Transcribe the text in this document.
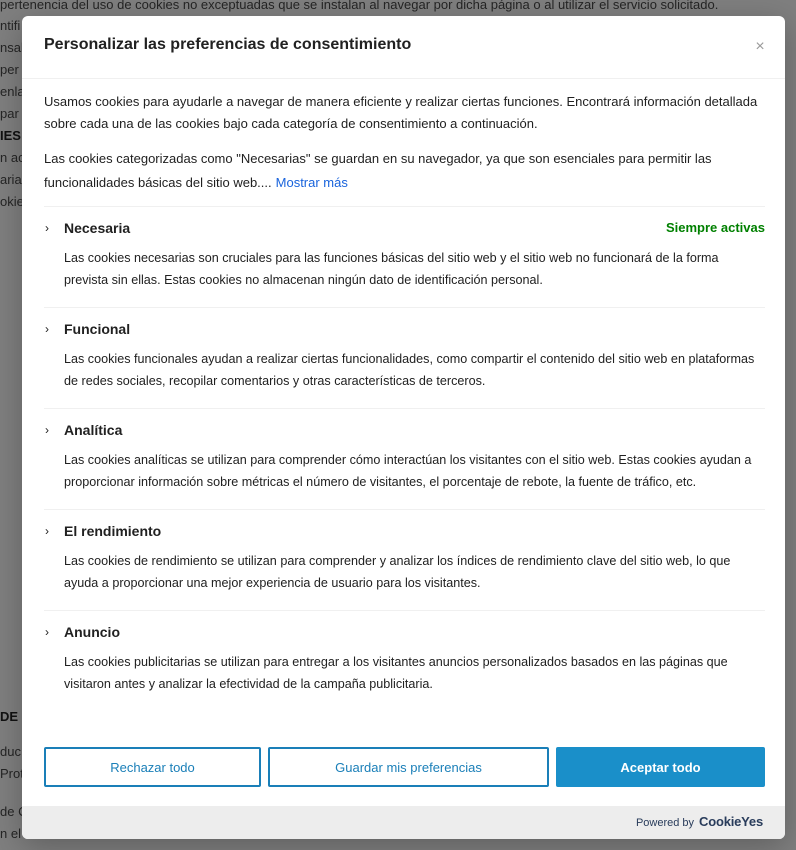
Personalizar las preferencias de consentimiento	×

Usamos cookies para ayudarle a navegar de manera eficiente y realizar ciertas funciones. Encontrará información detallada sobre cada una de las cookies bajo cada categoría de consentimiento a continuación.

Las cookies categorizadas como "Necesarias" se guardan en su navegador, ya que son esenciales para permitir las funcionalidades básicas del sitio web.... Mostrar más

›	Necesaria	Siempre activas

Las cookies necesarias son cruciales para las funciones básicas del sitio web y el sitio web no funcionará de la forma prevista sin ellas. Estas cookies no almacenan ningún dato de identificación personal.

›	Funcional

Las cookies funcionales ayudan a realizar ciertas funcionalidades, como compartir el contenido del sitio web en plataformas de redes sociales, recopilar comentarios y otras características de terceros.

›	Analítica

Las cookies analíticas se utilizan para comprender cómo interactúan los visitantes con el sitio web. Estas cookies ayudan a proporcionar información sobre métricas el número de visitantes, el porcentaje de rebote, la fuente de tráfico, etc.

›	El rendimiento

Las cookies de rendimiento se utilizan para comprender y analizar los índices de rendimiento clave del sitio web, lo que ayuda a proporcionar una mejor experiencia de usuario para los visitantes.

›	Anuncio

Las cookies publicitarias se utilizan para entregar a los visitantes anuncios personalizados basados en las páginas que visitaron antes y analizar la efectividad de la campaña publicitaria.

Rechazar todo	Guardar mis preferencias	Aceptar todo
Powered by CookieYes
